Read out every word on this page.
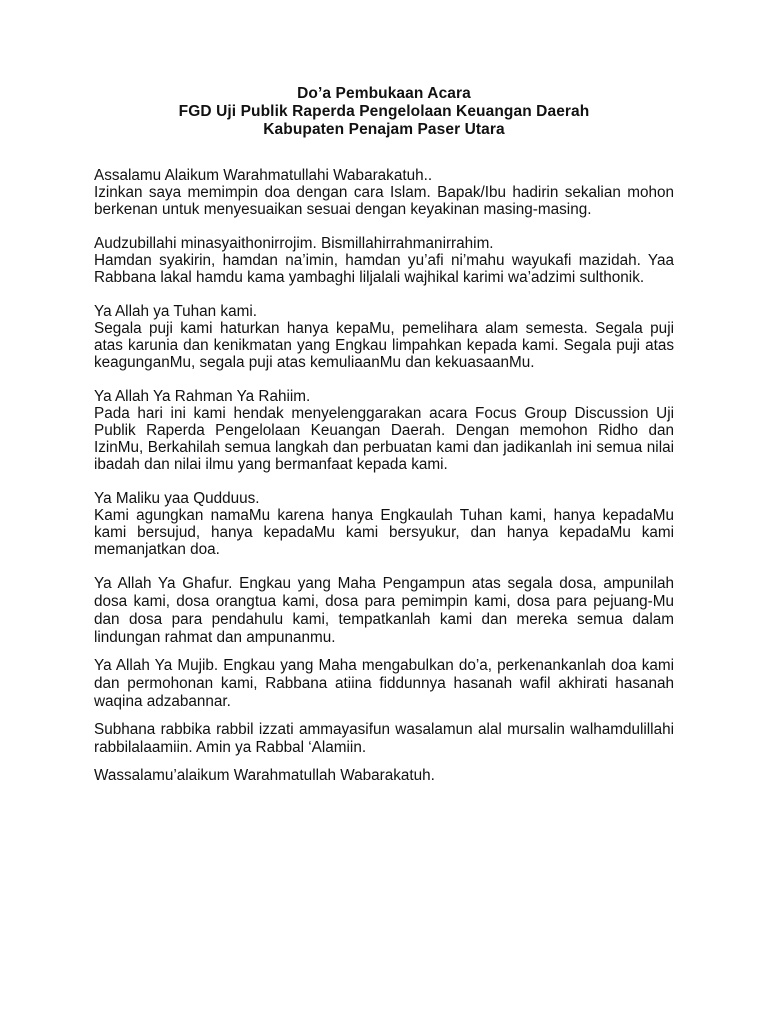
Do’a Pembukaan Acara
FGD Uji Publik Raperda Pengelolaan Keuangan Daerah
Kabupaten Penajam Paser Utara

Assalamu Alaikum Warahmatullahi Wabarakatuh..
Izinkan saya memimpin doa dengan cara Islam. Bapak/Ibu hadirin sekalian mohon berkenan untuk menyesuaikan sesuai dengan keyakinan masing-masing.

Audzubillahi minasyaithonirrojim. Bismillahirrahmanirrahim.
Hamdan syakirin, hamdan na’imin, hamdan yu’afi ni’mahu wayukafi mazidah. Yaa Rabbana lakal hamdu kama yambaghi liljalali wajhikal karimi wa’adzimi sulthonik.

Ya Allah ya Tuhan kami.
Segala puji kami haturkan hanya kepaMu, pemelihara alam semesta. Segala puji atas karunia dan kenikmatan yang Engkau limpahkan kepada kami. Segala puji atas keagunganMu, segala puji atas kemuliaanMu dan kekuasaanMu.

Ya Allah Ya Rahman Ya Rahiim.
Pada hari ini kami hendak menyelenggarakan acara Focus Group Discussion Uji Publik Raperda Pengelolaan Keuangan Daerah. Dengan memohon Ridho dan IzinMu, Berkahilah semua langkah dan perbuatan kami dan jadikanlah ini semua nilai ibadah dan nilai ilmu yang bermanfaat kepada kami.

Ya Maliku yaa Qudduus.
Kami agungkan namaMu karena hanya Engkaulah Tuhan kami, hanya kepadaMu kami bersujud, hanya kepadaMu kami bersyukur, dan hanya kepadaMu kami memanjatkan doa.

Ya Allah Ya Ghafur. Engkau yang Maha Pengampun atas segala dosa, ampunilah dosa kami, dosa orangtua kami, dosa para pemimpin kami, dosa para pejuang-Mu dan dosa para pendahulu kami, tempatkanlah kami dan mereka semua dalam lindungan rahmat dan ampunanmu.

Ya Allah Ya Mujib. Engkau yang Maha mengabulkan do’a, perkenankanlah doa kami dan permohonan kami, Rabbana atiina fiddunnya hasanah wafil akhirati hasanah waqina adzabannar.

Subhana rabbika rabbil izzati ammayasifun wasalamun alal mursalin walhamdulillahi rabbilalaamiin. Amin ya Rabbal ‘Alamiin.

Wassalamu’alaikum Warahmatullah Wabarakatuh.
